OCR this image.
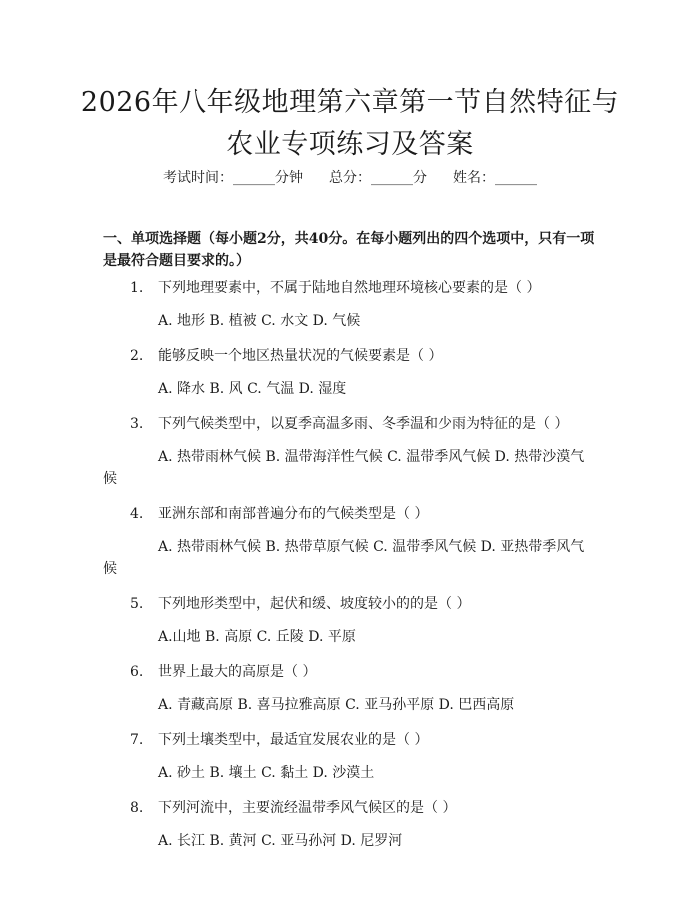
2026年八年级地理第六章第一节自然特征与
农业专项练习及答案
考试时间：______分钟 总分：______分 姓名：______
一、单项选择题（每小题2分，共40分。在每小题列出的四个选项中，只有一项是最符合题目要求的。）
1. 下列地理要素中，不属于陆地自然地理环境核心要素的是（ ）
A. 地形 B. 植被 C. 水文 D. 气候
2. 能够反映一个地区热量状况的气候要素是（ ）
A. 降水 B. 风 C. 气温 D. 湿度
3. 下列气候类型中，以夏季高温多雨、冬季温和少雨为特征的是（ ）
A. 热带雨林气候 B. 温带海洋性气候 C. 温带季风气候 D. 热带沙漠气
候
4. 亚洲东部和南部普遍分布的气候类型是（ ）
A. 热带雨林气候 B. 热带草原气候 C. 温带季风气候 D. 亚热带季风气
候
5. 下列地形类型中，起伏和缓、坡度较小的的是（ ）
A.山地 B. 高原 C. 丘陵 D. 平原
6. 世界上最大的高原是（ ）
A. 青藏高原 B. 喜马拉雅高原 C. 亚马孙平原 D. 巴西高原
7. 下列土壤类型中，最适宜发展农业的是（ ）
A. 砂土 B. 壤土 C. 黏土 D. 沙漠土
8. 下列河流中，主要流经温带季风气候区的是（ ）
A. 长江 B. 黄河 C. 亚马孙河 D. 尼罗河
